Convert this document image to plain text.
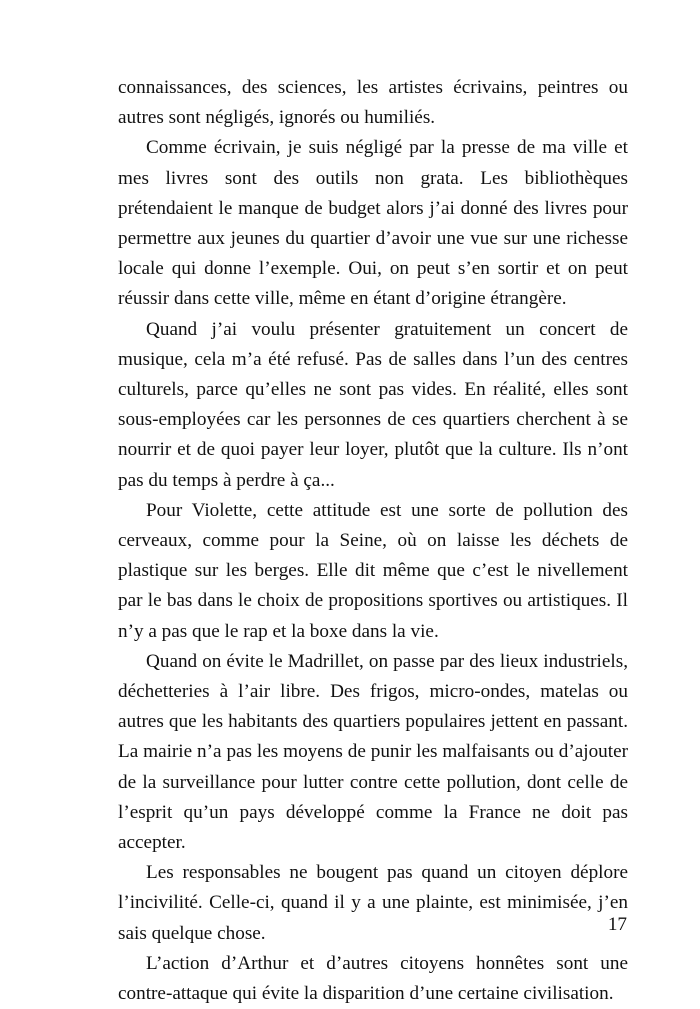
connaissances, des sciences, les artistes écrivains, peintres ou autres sont négligés, ignorés ou humiliés.

Comme écrivain, je suis négligé par la presse de ma ville et mes livres sont des outils non grata. Les bibliothèques prétendaient le manque de budget alors j’ai donné des livres pour permettre aux jeunes du quartier d’avoir une vue sur une richesse locale qui donne l’exemple. Oui, on peut s’en sortir et on peut réussir dans cette ville, même en étant d’origine étrangère.

Quand j’ai voulu présenter gratuitement un concert de musique, cela m’a été refusé. Pas de salles dans l’un des centres culturels, parce qu’elles ne sont pas vides. En réalité, elles sont sous-employées car les personnes de ces quartiers cherchent à se nourrir et de quoi payer leur loyer, plutôt que la culture. Ils n’ont pas du temps à perdre à ça...

Pour Violette, cette attitude est une sorte de pollution des cerveaux, comme pour la Seine, où on laisse les déchets de plastique sur les berges. Elle dit même que c’est le nivellement par le bas dans le choix de propositions sportives ou artistiques. Il n’y a pas que le rap et la boxe dans la vie.

Quand on évite le Madrillet, on passe par des lieux industriels, déchetteries à l’air libre. Des frigos, micro-ondes, matelas ou autres que les habitants des quartiers populaires jettent en passant. La mairie n’a pas les moyens de punir les malfaisants ou d’ajouter de la surveillance pour lutter contre cette pollution, dont celle de l’esprit qu’un pays développé comme la France ne doit pas accepter.

Les responsables ne bougent pas quand un citoyen déplore l’incivilité. Celle-ci, quand il y a une plainte, est minimisée, j’en sais quelque chose.

L’action d’Arthur et d’autres citoyens honnêtes sont une contre-attaque qui évite la disparition d’une certaine civilisation.

17
